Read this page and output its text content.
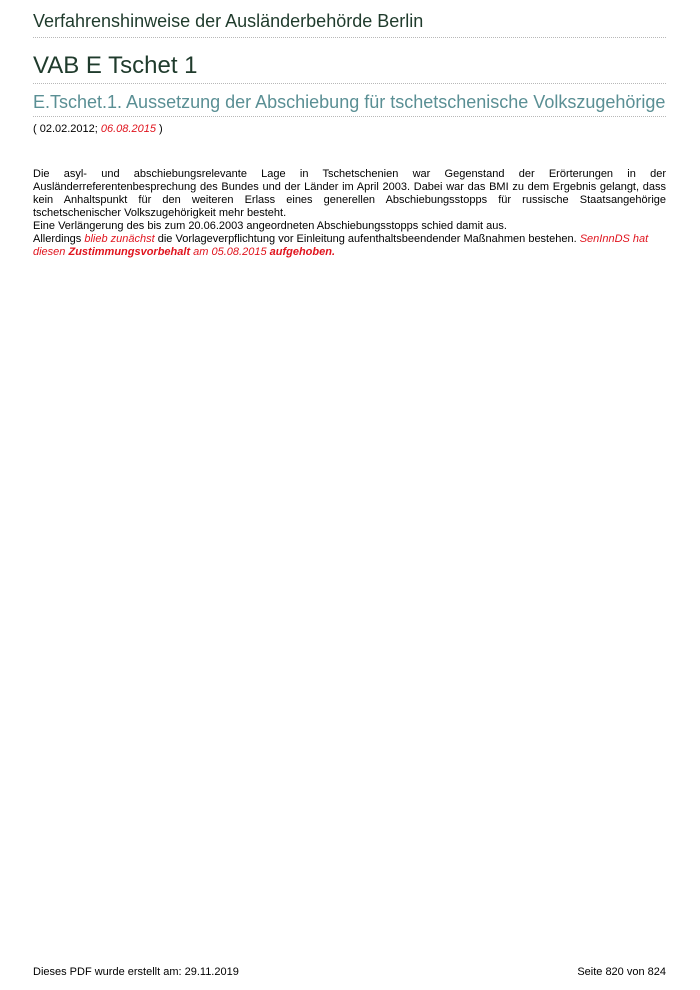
Verfahrenshinweise der Ausländerbehörde Berlin
VAB E Tschet 1
E.Tschet.1. Aussetzung der Abschiebung für tschetschenische Volkszugehörige
( 02.02.2012; 06.08.2015 )

Die asyl- und abschiebungsrelevante Lage in Tschetschenien war Gegenstand der Erörterungen in der Ausländerreferentenbesprechung des Bundes und der Länder im April 2003. Dabei war das BMI zu dem Ergebnis gelangt, dass kein Anhaltspunkt für den weiteren Erlass eines generellen Abschiebungsstopps für russische Staatsangehörige tschetschenischer Volkszugehörigkeit mehr besteht.

Eine Verlängerung des bis zum 20.06.2003 angeordneten Abschiebungsstopps schied damit aus.

Allerdings blieb zunächst die Vorlageverpflichtung vor Einleitung aufenthaltsbeendender Maßnahmen bestehen. SenInnDS hat diesen Zustimmungsvorbehalt am 05.08.2015 aufgehoben.

Dieses PDF wurde erstellt am: 29.11.2019	Seite 820 von 824
